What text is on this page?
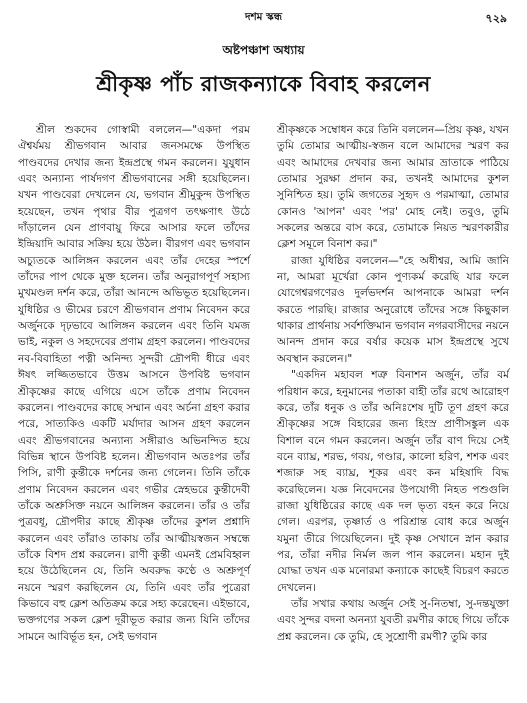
দশম স্কন্ধ	৭২৯
অষ্টপঞ্চাশ অধ্যায়
শ্রীকৃষ্ণ পাঁচ রাজকন্যাকে বিবাহ করলেন

শ্রীল শুকদেব গোস্বামী বললেন—"একদা পরম ঐশ্বর্যময় শ্রীভগবান আবার জনসমক্ষে উপস্থিত পাণ্ডবদের দেখার জন্য ইন্দ্রপ্রস্থে গমন করলেন। যুযুধান এবং অন্যান্য পার্ষদগণ শ্রীভগবানের সঙ্গী হয়েছিলেন। যখন পাণ্ডবেরা দেখলেন যে, ভগবান শ্রীমুকুন্দ উপস্থিত হয়েছেন, তখন পৃথার বীর পুত্রগণ তৎক্ষণাৎ উঠে দাঁড়ালেন যেন প্রাণবায়ু ফিরে আসার ফলে তাঁদের ইন্দ্রিয়াদি আবার সক্রিয় হয়ে উঠল। বীরগণ এবং ভগবান অচ্যুতকে আলিঙ্গন করলেন এবং তাঁর দেহের স্পর্শে তাঁদের পাপ থেকে মুক্ত হলেন। তাঁর অনুরাগপূর্ণ সহাস্য মুখমণ্ডল দর্শন করে, তাঁরা আনন্দে অভিভূত হয়েছিলেন। যুধিষ্ঠির ও ভীমের চরণে শ্রীভগবান প্রণাম নিবেদন করে অর্জুনকে দৃঢ়ভাবে আলিঙ্গন করলেন এবং তিনি যমজ ভাই, নকুল ও সহদেবের প্রণাম গ্রহণ করলেন। পাণ্ডবদের নব-বিবাহিতা পত্নী অনিন্দ্য সুন্দরী দ্রৌপদী ধীরে এবং ঈষৎ লজ্জিতভাবে উত্তম আসনে উপবিষ্ট ভগবান শ্রীকৃষ্ণের কাছে এগিয়ে এসে তাঁকে প্রণাম নিবেদন করলেন। পাণ্ডবদের কাছে সম্মান এবং অর্চনা গ্রহণ করার পরে, সাত্যকিও একটি মর্যাদার আসন গ্রহণ করলেন এবং শ্রীভগবানের অন্যান্য সঙ্গীরাও অভিনন্দিত হয়ে বিভিন্ন স্থানে উপবিষ্ট হলেন। শ্রীভগবান অতঃপর তাঁর পিসি, রাণী কুন্তীকে দর্শনের জন্য গেলেন। তিনি তাঁকে প্রণাম নিবেদন করলেন এবং গভীর স্নেহভরে কুন্তীদেবী তাঁকে অশ্রুসিক্ত নয়নে আলিঙ্গন করলেন। তাঁর ও তাঁর পুত্রবধূ, দ্রৌপদীর কাছে শ্রীকৃষ্ণ তাঁদের কুশল প্রশ্নাদি করলেন এবং তাঁরাও তাকায় তাঁর আত্মীয়স্বজন সম্বন্ধে তাঁকে বিশদ প্রশ্ন করলেন। রাণী কুন্তী এমনই প্রেমবিহ্বল হয়ে উঠেছিলেন যে, তিনি অবরুদ্ধ কণ্ঠে ও অশ্রুপূর্ণ নয়নে স্মরণ করছিলেন যে, তিনি এবং তাঁর পুত্রেরা কিভাবে বহু ক্লেশ অতিক্রম করে সহ্য করেছেন। এইভাবে, ভক্তগণের সকল ক্লেশ দূরীভূত করার জন্য যিনি তাঁদের সামনে আবির্ভূত হন, সেই ভগবান

শ্রীকৃষ্ণকে সম্বোধন করে তিনি বললেন—প্রিয় কৃষ্ণ, যখন তুমি তোমার আত্মীয়-স্বজন বলে আমাদের স্মরণ কর এবং আমাদের দেখবার জন্য আমার ভ্রাতাকে পাঠিয়ে তোমার সুরক্ষা প্রদান কর, তখনই আমাদের কুশল সুনিশ্চিত হয়। তুমি জগতের সুহৃদ ও পরমাত্মা, তোমার কোনও 'আপন' এবং 'পর' মোহ নেই। তবুও, তুমি সকলের অন্তরে বাস করে, তোমাকে নিয়ত স্মরণকারীর ক্লেশ সমূলে বিনাশ কর।"

রাজা যুধিষ্ঠির বললেন—"হে অধীশ্বর, আমি জানি না, আমরা মূর্খেরা কোন পুণ্যকর্ম করেছি যার ফলে যোগেশ্বরগণেরও দুর্লভদর্শন আপনাকে আমরা দর্শন করতে পারছি। রাজার অনুরোধে তাঁদের সঙ্গে কিছুকাল থাকার প্রার্থনায় সর্বশক্তিমান ভগবান নগরবাসীদের নয়নে আনন্দ প্রদান করে বর্ষার কয়েক মাস ইন্দ্রপ্রস্থে সুখে অবস্থান করলেন।"

"একদিন মহাবল শত্রু বিনাশন অর্জুন, তাঁর বর্ম পরিধান করে, হনুমানের পতাকা বাহী তাঁর রথে আরোহণ করে, তাঁর ধনুক ও তাঁর অনিঃশেষ দুটি তূণ গ্রহণ করে শ্রীকৃষ্ণের সঙ্গে বিহারের জন্য হিংস্র প্রাণীসঙ্কুল এক বিশাল বনে গমন করলেন। অর্জুন তাঁর বাণ দিয়ে সেই বনে ব্যাঘ্র, শরভ, গবয়, গণ্ডার, কালো হরিণ, শশক এবং শজারু সহ ব্যাঘ্র, শূকর এবং কন মহিষাদি বিদ্ধ করেছিলেন। যজ্ঞ নিবেদনের উপযোগী নিহত পশুগুলি রাজা যুধিষ্ঠিরের কাছে এক দল ভৃত্য বহন করে নিয়ে গেল। এরপর, তৃষ্ণার্ত ও পরিশ্রান্ত বোধ করে অর্জুন যমুনা তীরে গিয়েছিলেন। দুই কৃষ্ণ সেখানে স্নান করার পর, তাঁরা নদীর নির্মল জল পান করলেন। মহান দুই যোদ্ধা তখন এক মনোরমা কন্যাকে কাছেই বিচরণ করতে দেখলেন।

তাঁর সখার কথায় অর্জুন সেই সু-নিতম্বা, সু-দন্তযুক্তা এবং সুন্দর বদনা অনন্যা যুবতী রমণীর কাছে গিয়ে তাঁকে প্রশ্ন করলেন। কে তুমি, হে সুশ্রোণী রমণী? তুমি কার
